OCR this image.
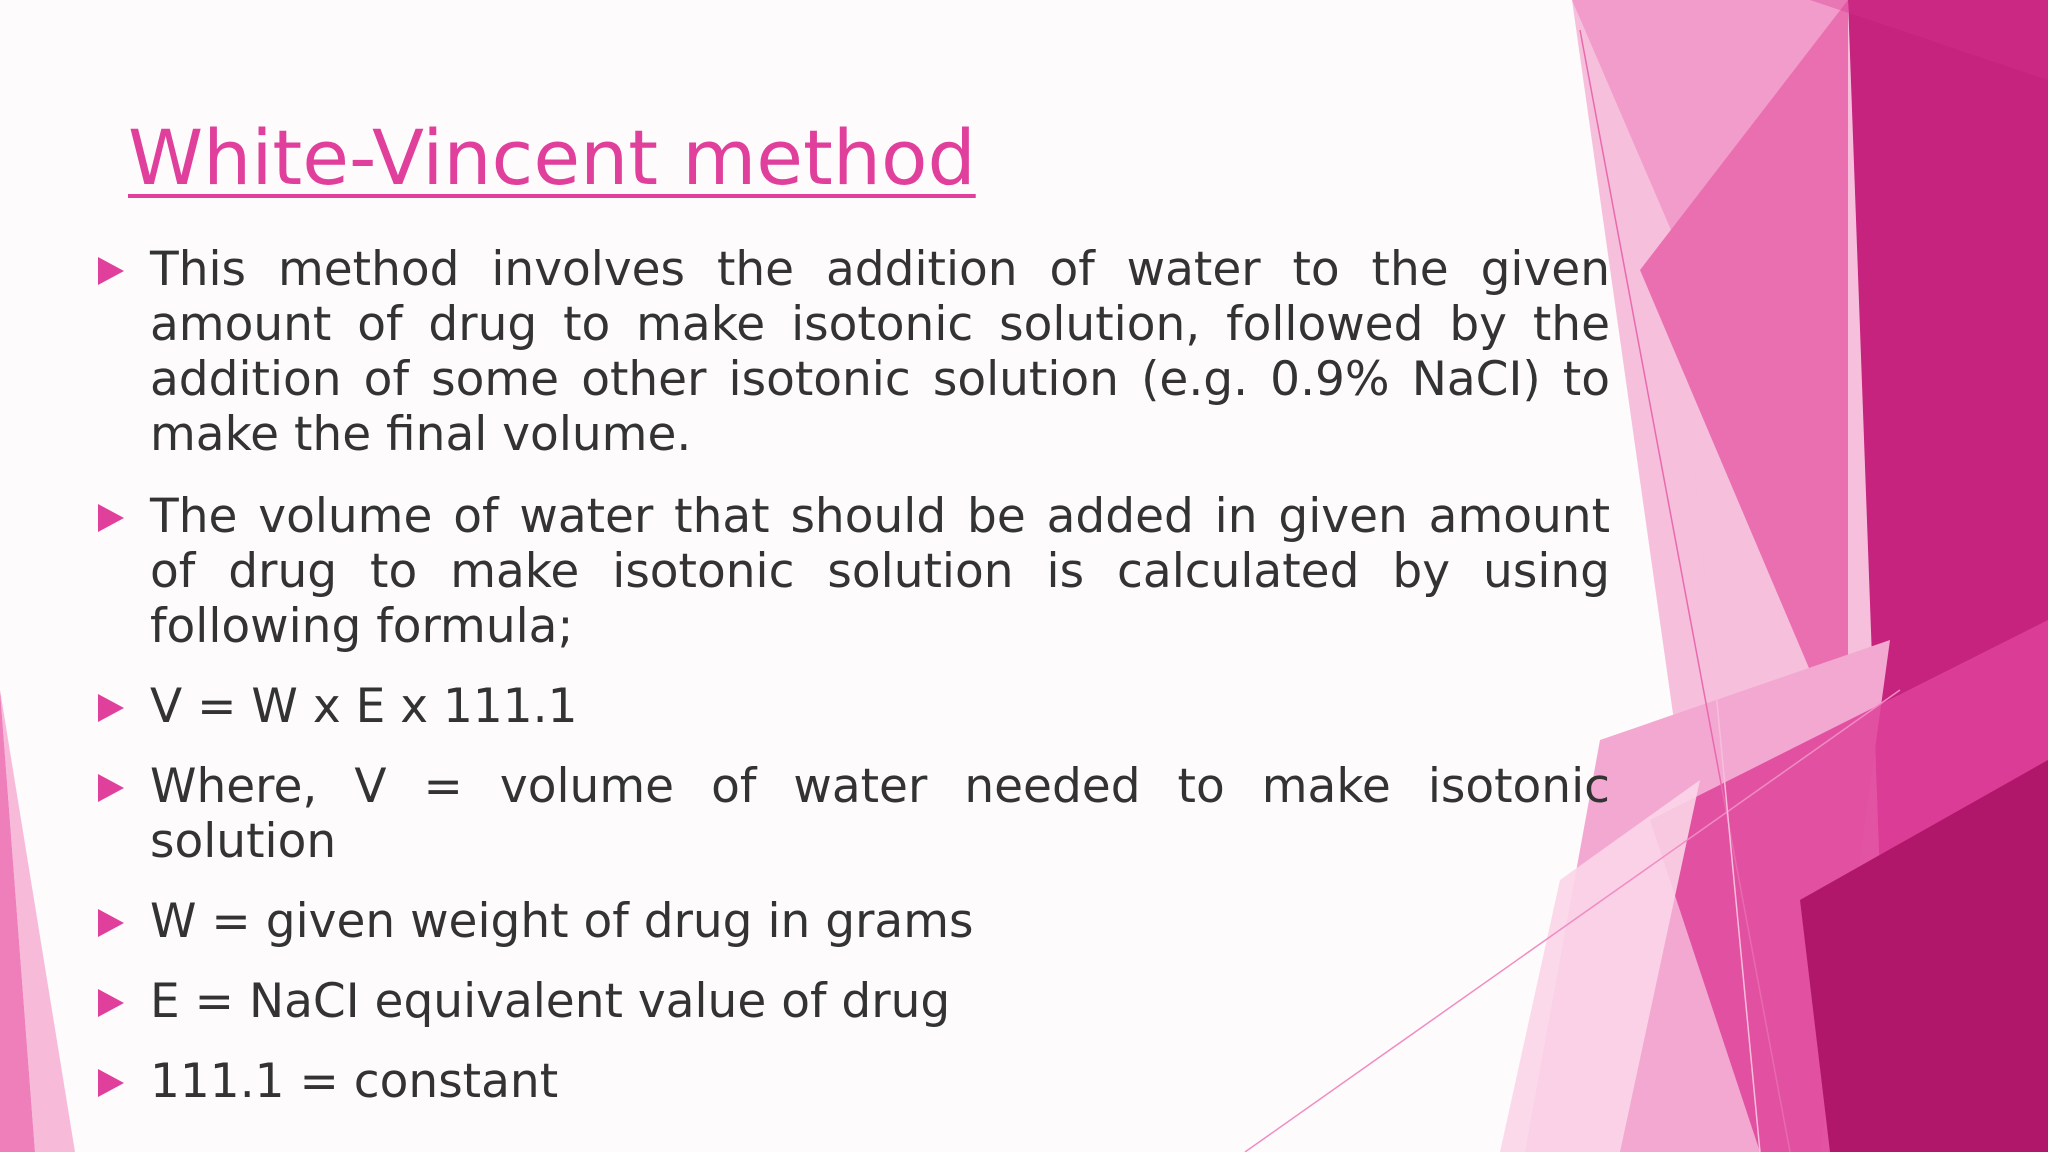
White-Vincent method
This method involves the addition of water to the given amount of drug to make isotonic solution, followed by the addition of some other isotonic solution (e.g. 0.9% NaCI) to make the final volume.
The volume of water that should be added in given amount of drug to make isotonic solution is calculated by using following formula;
V = W x E x 111.1
Where, V = volume of water needed to make isotonic solution
W = given weight of drug in grams
E = NaCI equivalent value of drug
111.1 = constant
